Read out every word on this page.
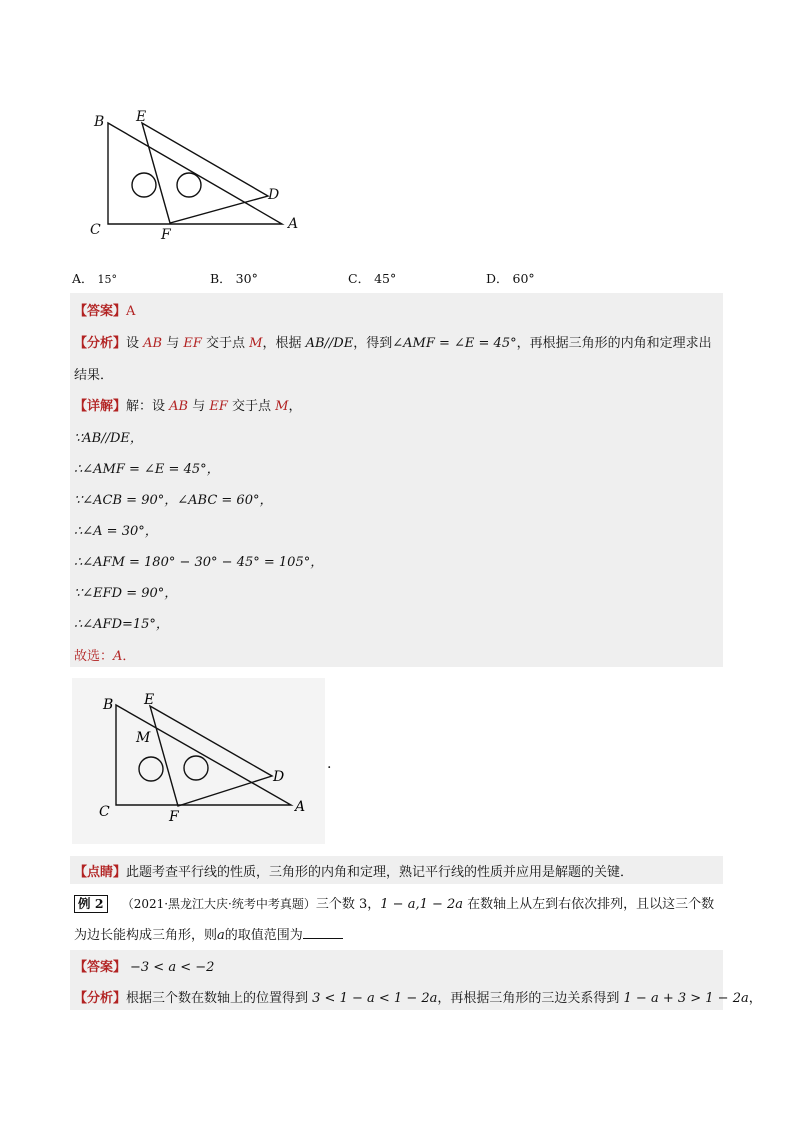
B E
D
C	F
A
A． 15°	B． 30°	C． 45°	D． 60°
【答案】A
【分析】设 AB 与 EF 交于点 M，根据 AB//DE，得到∠AMF = ∠E = 45°，再根据三角形的内角和定理求出
结果．
【详解】解：设 AB 与 EF 交于点 M，
∵AB//DE，
∴∠AMF = ∠E = 45°，
∵∠ACB = 90°，∠ABC = 60°，
∴∠A = 30°，
∴∠AFM = 180° − 30° − 45° = 105°，
∵∠EFD = 90°，
∴∠AFD=15°，
故选：A．
B E
M
D
C	F
A
.
【点睛】此题考查平行线的性质，三角形的内角和定理，熟记平行线的性质并应用是解题的关键．
例 2 （2021·黑龙江大庆·统考中考真题）三个数 3，1 − a,1 − 2a 在数轴上从左到右依次排列，且以这三个数
为边长能构成三角形，则a的取值范围为
【答案】 −3 < a < −2
【分析】根据三个数在数轴上的位置得到 3 < 1 − a < 1 − 2a，再根据三角形的三边关系得到 1 − a + 3 > 1 − 2a，
